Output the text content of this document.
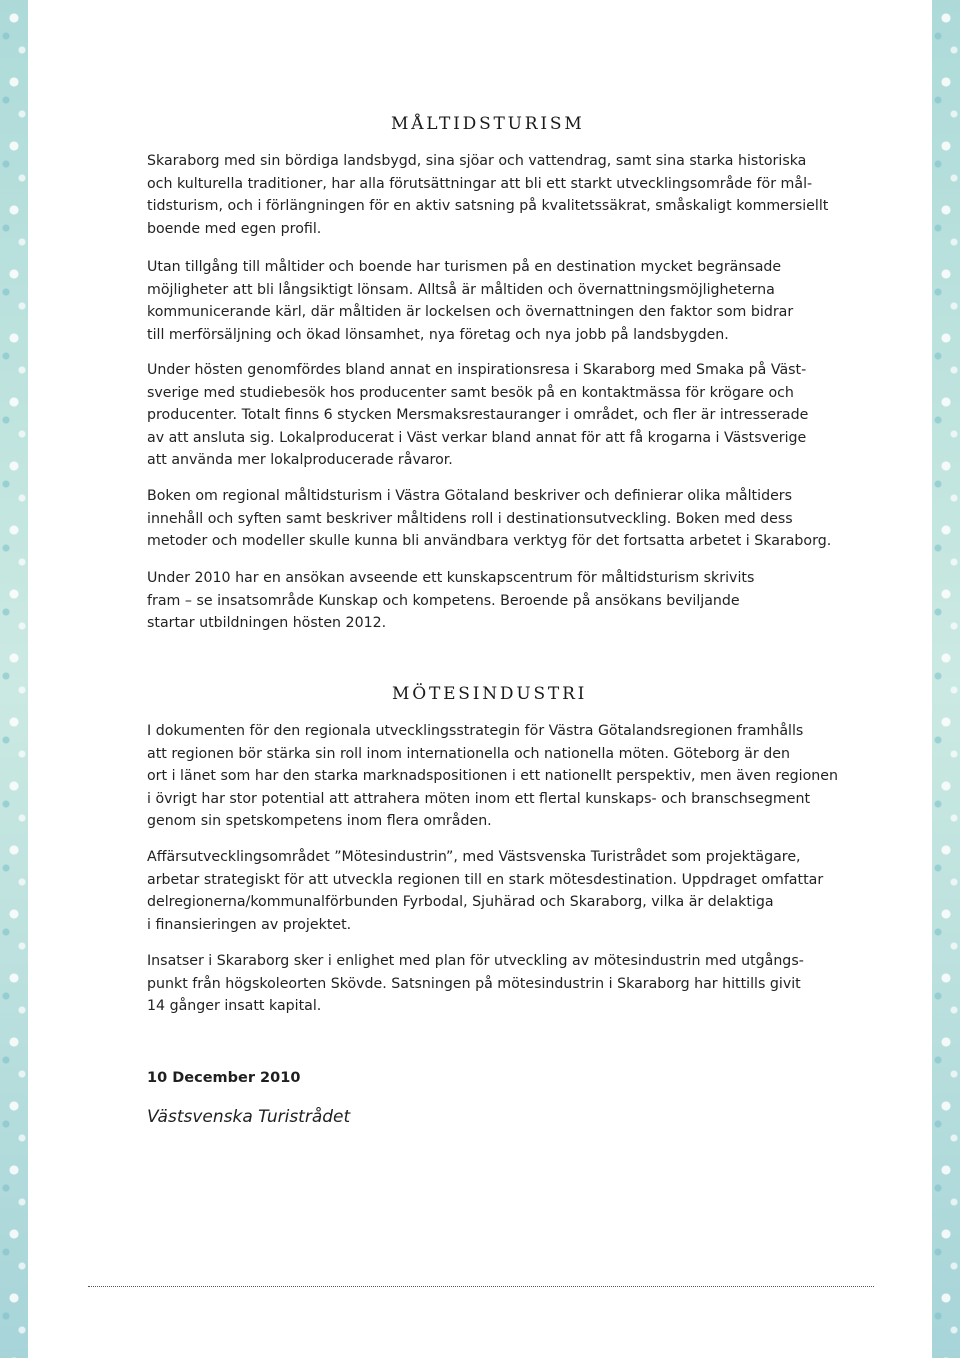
MÅLTIDSTURISM
Skaraborg med sin bördiga landsbygd, sina sjöar och vattendrag, samt sina starka historiska
och kulturella traditioner, har alla förutsättningar att bli ett starkt utvecklingsområde för mål-
tidsturism, och i förlängningen för en aktiv satsning på kvalitetssäkrat, småskaligt kommersiellt
boende med egen profil.
Utan tillgång till måltider och boende har turismen på en destination mycket begränsade
möjligheter att bli långsiktigt lönsam. Alltså är måltiden och övernattningsmöjligheterna
kommunicerande kärl, där måltiden är lockelsen och övernattningen den faktor som bidrar
till merförsäljning och ökad lönsamhet, nya företag och nya jobb på landsbygden.
Under hösten genomfördes bland annat en inspirationsresa i Skaraborg med Smaka på Väst-
sverige med studiebesök hos producenter samt besök på en kontaktmässa för krögare och
producenter. Totalt finns 6 stycken Mersmaksrestauranger i området, och fler är intresserade
av att ansluta sig. Lokalproducerat i Väst verkar bland annat för att få krogarna i Västsverige
att använda mer lokalproducerade råvaror.
Boken om regional måltidsturism i Västra Götaland beskriver och definierar olika måltiders
innehåll och syften samt beskriver måltidens roll i destinationsutveckling. Boken med dess
metoder och modeller skulle kunna bli användbara verktyg för det fortsatta arbetet i Skaraborg.
Under 2010 har en ansökan avseende ett kunskapscentrum för måltidsturism skrivits
fram – se insatsområde Kunskap och kompetens. Beroende på ansökans beviljande
startar utbildningen hösten 2012.
MÖTESINDUSTRI
I dokumenten för den regionala utvecklingsstrategin för Västra Götalandsregionen framhålls
att regionen bör stärka sin roll inom internationella och nationella möten. Göteborg är den
ort i länet som har den starka marknadspositionen i ett nationellt perspektiv, men även regionen
i övrigt har stor potential att attrahera möten inom ett flertal kunskaps- och branschsegment
genom sin spetskompetens inom flera områden.
Affärsutvecklingsområdet ”Mötesindustrin”, med Västsvenska Turistrådet som projektägare,
arbetar strategiskt för att utveckla regionen till en stark mötesdestination. Uppdraget omfattar
delregionerna/kommunalförbunden Fyrbodal, Sjuhärad och Skaraborg, vilka är delaktiga
i finansieringen av projektet.
Insatser i Skaraborg sker i enlighet med plan för utveckling av mötesindustrin med utgångs-
punkt från högskoleorten Skövde. Satsningen på mötesindustrin i Skaraborg har hittills givit
14 gånger insatt kapital.

10 December 2010

Västsvenska Turistrådet
